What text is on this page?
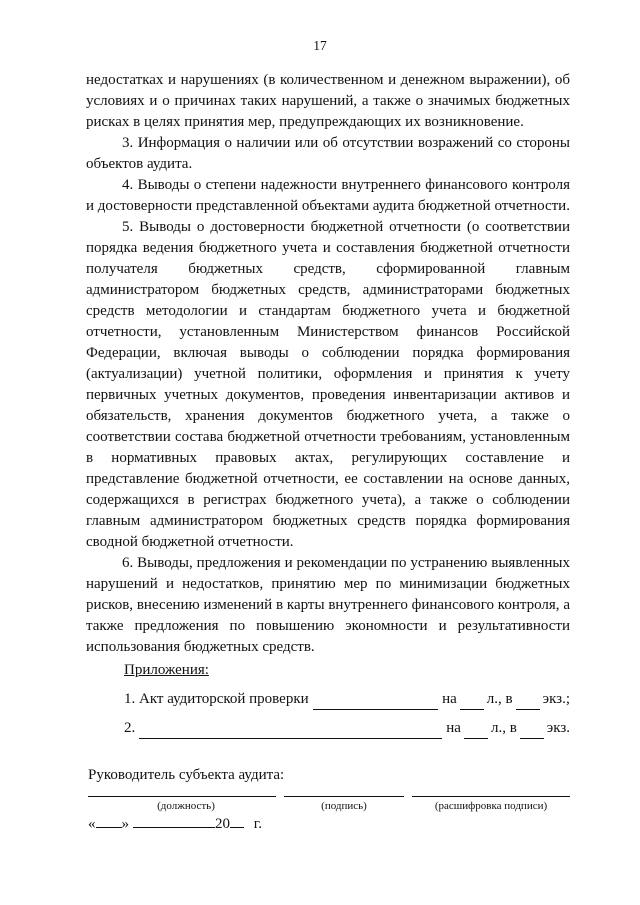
17

недостатках и нарушениях (в количественном и денежном выражении), об условиях и о причинах таких нарушений, а также о значимых бюджетных рисках в целях принятия мер, предупреждающих их возникновение.

3. Информация о наличии или об отсутствии возражений со стороны объектов аудита.

4. Выводы о степени надежности внутреннего финансового контроля и достоверности представленной объектами аудита бюджетной отчетности.

5. Выводы о достоверности бюджетной отчетности (о соответствии порядка ведения бюджетного учета и составления бюджетной отчетности получателя бюджетных средств, сформированной главным администратором бюджетных средств, администраторами бюджетных средств методологии и стандартам бюджетного учета и бюджетной отчетности, установленным Министерством финансов Российской Федерации, включая выводы о соблюдении порядка формирования (актуализации) учетной политики, оформления и принятия к учету первичных учетных документов, проведения инвентаризации активов и обязательств, хранения документов бюджетного учета, а также о соответствии состава бюджетной отчетности требованиям, установленным в нормативных правовых актах, регулирующих составление и представление бюджетной отчетности, ее составлении на основе данных, содержащихся в регистрах бюджетного учета), а также о соблюдении главным администратором бюджетных средств порядка формирования сводной бюджетной отчетности.

6. Выводы, предложения и рекомендации по устранению выявленных нарушений и недостатков, принятию мер по минимизации бюджетных рисков, внесению изменений в карты внутреннего финансового контроля, а также предложения по повышению экономности и результативности использования бюджетных средств.

Приложения:
1. Акт аудиторской проверки	на л., в экз.;
2.	на л., в экз.
Руководитель субъекта аудита:
(должность)	(подпись)	(расшифровка подписи)
« »	20 г.
